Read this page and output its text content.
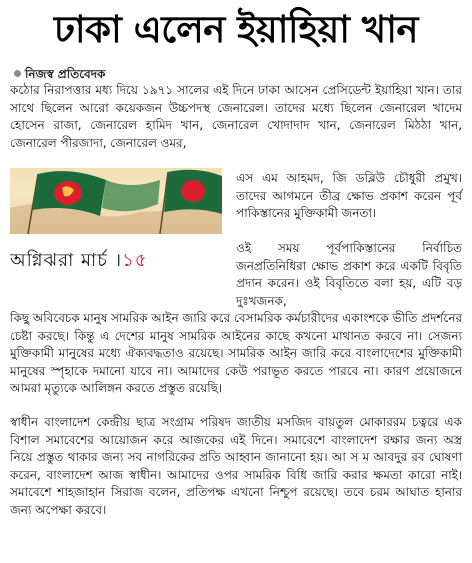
ঢাকা এলেন ইয়াহিয়া খান
নিজস্ব প্রতিবেদক

কঠোর নিরাপত্তার মধ্য দিয়ে ১৯৭১ সালের এই দিনে ঢাকা আসেন প্রেসিডেন্ট ইয়াহিয়া খান। তার সাথে ছিলেন আরো কয়েকজন উচ্চপদস্থ জেনারেল। তাদের মধ্যে ছিলেন জেনারেল খাদেম হোসেন রাজা, জেনারেল হামিদ খান, জেনারেল খোদাদাদ খান, জেনারেল মিঠঠা খান, জেনারেল পীরজাদা, জেনারেল ওমর,

অগ্নিঝরা মার্চ ।১৫

এস এম আহমদ, জি ডব্লিউ চৌধুরী প্রমুখ। তাদের আগমনে তীব্র ক্ষোভ প্রকাশ করেন পূর্ব পাকিস্তানের মুক্তিকামী জনতা।

ওই সময় পূর্বপাকিস্তানের নির্বাচিত জনপ্রতিনিধিরা ক্ষোভ প্রকাশ করে একটি বিবৃতি প্রদান করেন। ওই বিবৃতিতে বলা হয়, এটি বড় দুঃখজনক,

কিছু অবিবেচক মানুষ সামরিক আইন জারি করে বেসামরিক কর্মচারীদের একাংশকে ভীতি প্রদর্শনের চেষ্টা করছে। কিন্তু এ দেশের মানুষ সামরিক আইনের কাছে কখনো মাথানত করবে না। সেজন্য মুক্তিকামী মানুষের মধ্যে ঐক্যবদ্ধতাও রয়েছে। সামরিক আইন জারি করে বাংলাদেশের মুক্তিকামী মানুষের স্পৃহাকে দমানো যাবে না। আমাদের কেউ পরাভূত করতে পারবে না। কারণ প্রয়োজনে আমরা মৃত্যুকে আলিঙ্গন করতে প্রস্তুত রয়েছি।

স্বাধীন বাংলাদেশ কেন্দ্রীয় ছাত্র সংগ্রাম পরিষদ জাতীয় মসজিদ বায়তুল মোকাররম চত্বরে এক বিশাল সমাবেশের আয়োজন করে আজকের এই দিনে। সমাবেশে বাংলাদেশ রক্ষার জন্য অস্ত্র নিয়ে প্রস্তুত থাকার জন্য সব নাগরিকের প্রতি আহ্বান জানানো হয়। আ স ম আবদুর রব ঘোষণা করেন, বাংলাদেশ আজ স্বাধীন। আমাদের ওপর সামরিক বিধি জারি করার ক্ষমতা কারো নাই। সমাবেশে শাহজাহান সিরাজ বলেন, প্রতিপক্ষ এখনো নিশ্চুপ রয়েছে। তবে চরম আঘাত হানার জন্য অপেক্ষা করবে।
